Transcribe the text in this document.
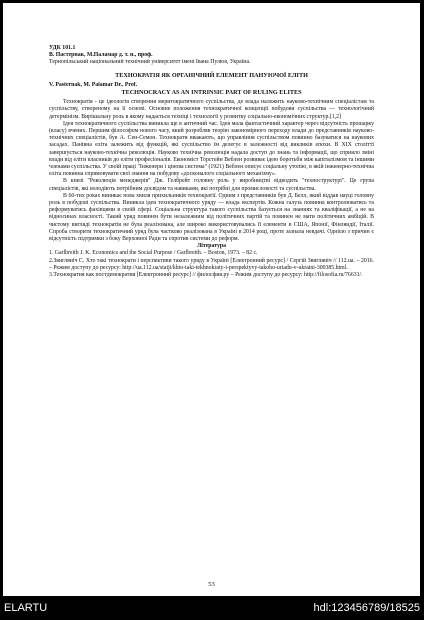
УДК 101.1
В. Пастернак, М.Паламар д. т. н., проф.
Тернопільський національний технічний університет імені Івана Пулюя, Україна.
ТЕХНОКРАТІЯ ЯК ОРГАНІЧНИЙ ЕЛЕМЕНТ ПАНУЮЧОЇ ЕЛІТИ
V. Pasternak, M. Palamar Dr., Prof.
TECHNOCRACY AS AN INTRINSIC PART OF RULING ELITES

Технократія - це ідеологія створення меритократичного суспільства, де влада належить науково-технічним спеціалістам та суспільству, створеному на її основі. Основне положення технократичної концепції побудови суспільства — технологічний детермінізм. Вирішальну роль в якому надається техніці і технології у розвитку соціально-економічних структур.[1,2]

Ідея технократичного суспільства виникла ще в античний час. Ідея мала фантастичний характер через відсутність прошарку (класу) вчених. Першим філософом нового часу, який розробляв теорію закономірного переходу влади до представників науково-технічних спеціалістів, був А. Сен-Семон. Технократи вважають, що управління суспільством повинно базуватися на наукових засадах. Панівна еліта залежить від функцій, які суспільство їм делегує в залежності від викликів епохи. В XIX столітті завершується науково-технічна революція. Науково технічна революція надала доступ до знань та інформації, що сприяло зміні влади від еліти власників до еліти професіоналів. Економіст Торстейн Веблен розвиває ідею боротьби між капіталізмом та іншими членами суспільства. У своїй праці "Інженери і цінова система" (1921) Веблен описує соціальну утопію, в якій інженерно-технічна еліта повинна спрямовувати свої знання на побудову «досконалого соціального механізму».

В книзі "Революція менеджерів" Дж. Гелбрейт головну роль у виробництві відводить "техноструктурі". Це група спеціалістів, які володіють потрібним досвідом та навиками, які потрібні для промисловості та суспільства.

В 60-тих роках виникає нова хвиля прихильників технократії. Одним з представників був Д. Белл, який віддав науці головну роль в побудові суспільства. Виникла ідея технократичного уряду — влада експертів. Кожна галузь повинна контролюватись та реформуватись фахівцями в своїй сфері. Соціальна структура такого суспільства базується на знаннях та кваліфікації, а не на відносинах власності. Такий уряд повинен бути незалежним від політичних партій та повинен не мати політичних амбіцій. В чистому вигляді технократія не була реалізована, але широко використовувались її елементи в США, Японії, Фінляндії, Італії. Спроба створити технократичний уряд була частково реалізована в Україні в 2014 році, проте зазнала невдачі. Однією з причин є відсутність підтримки з боку Верховної Ради та спротив системи до реформ.

Література

1. Garlbreith J. K. Economics and the Social Purpose / Garlbreith. – Boston, 1973. – 82 c.

2.Звигляніч С. Хто такі технократи і перспективи такого уряду в Україні [Електронний ресурс] / Сергій Звигляніч // 112.ua. – 2016. – Режим доступу до ресурсу: http://ua.112.ua/statji/khto-taki-tekhnokraty-i-perspektyvy-takoho-uriadu-v-ukraini-300385.html.

3.Технократия как постдемократия [Електронний ресурс] // филосфия.ру – Режим доступу до ресурсу: http://filosofia.ru/76631/.

53
ELARTU	hdl:123456789/18525
